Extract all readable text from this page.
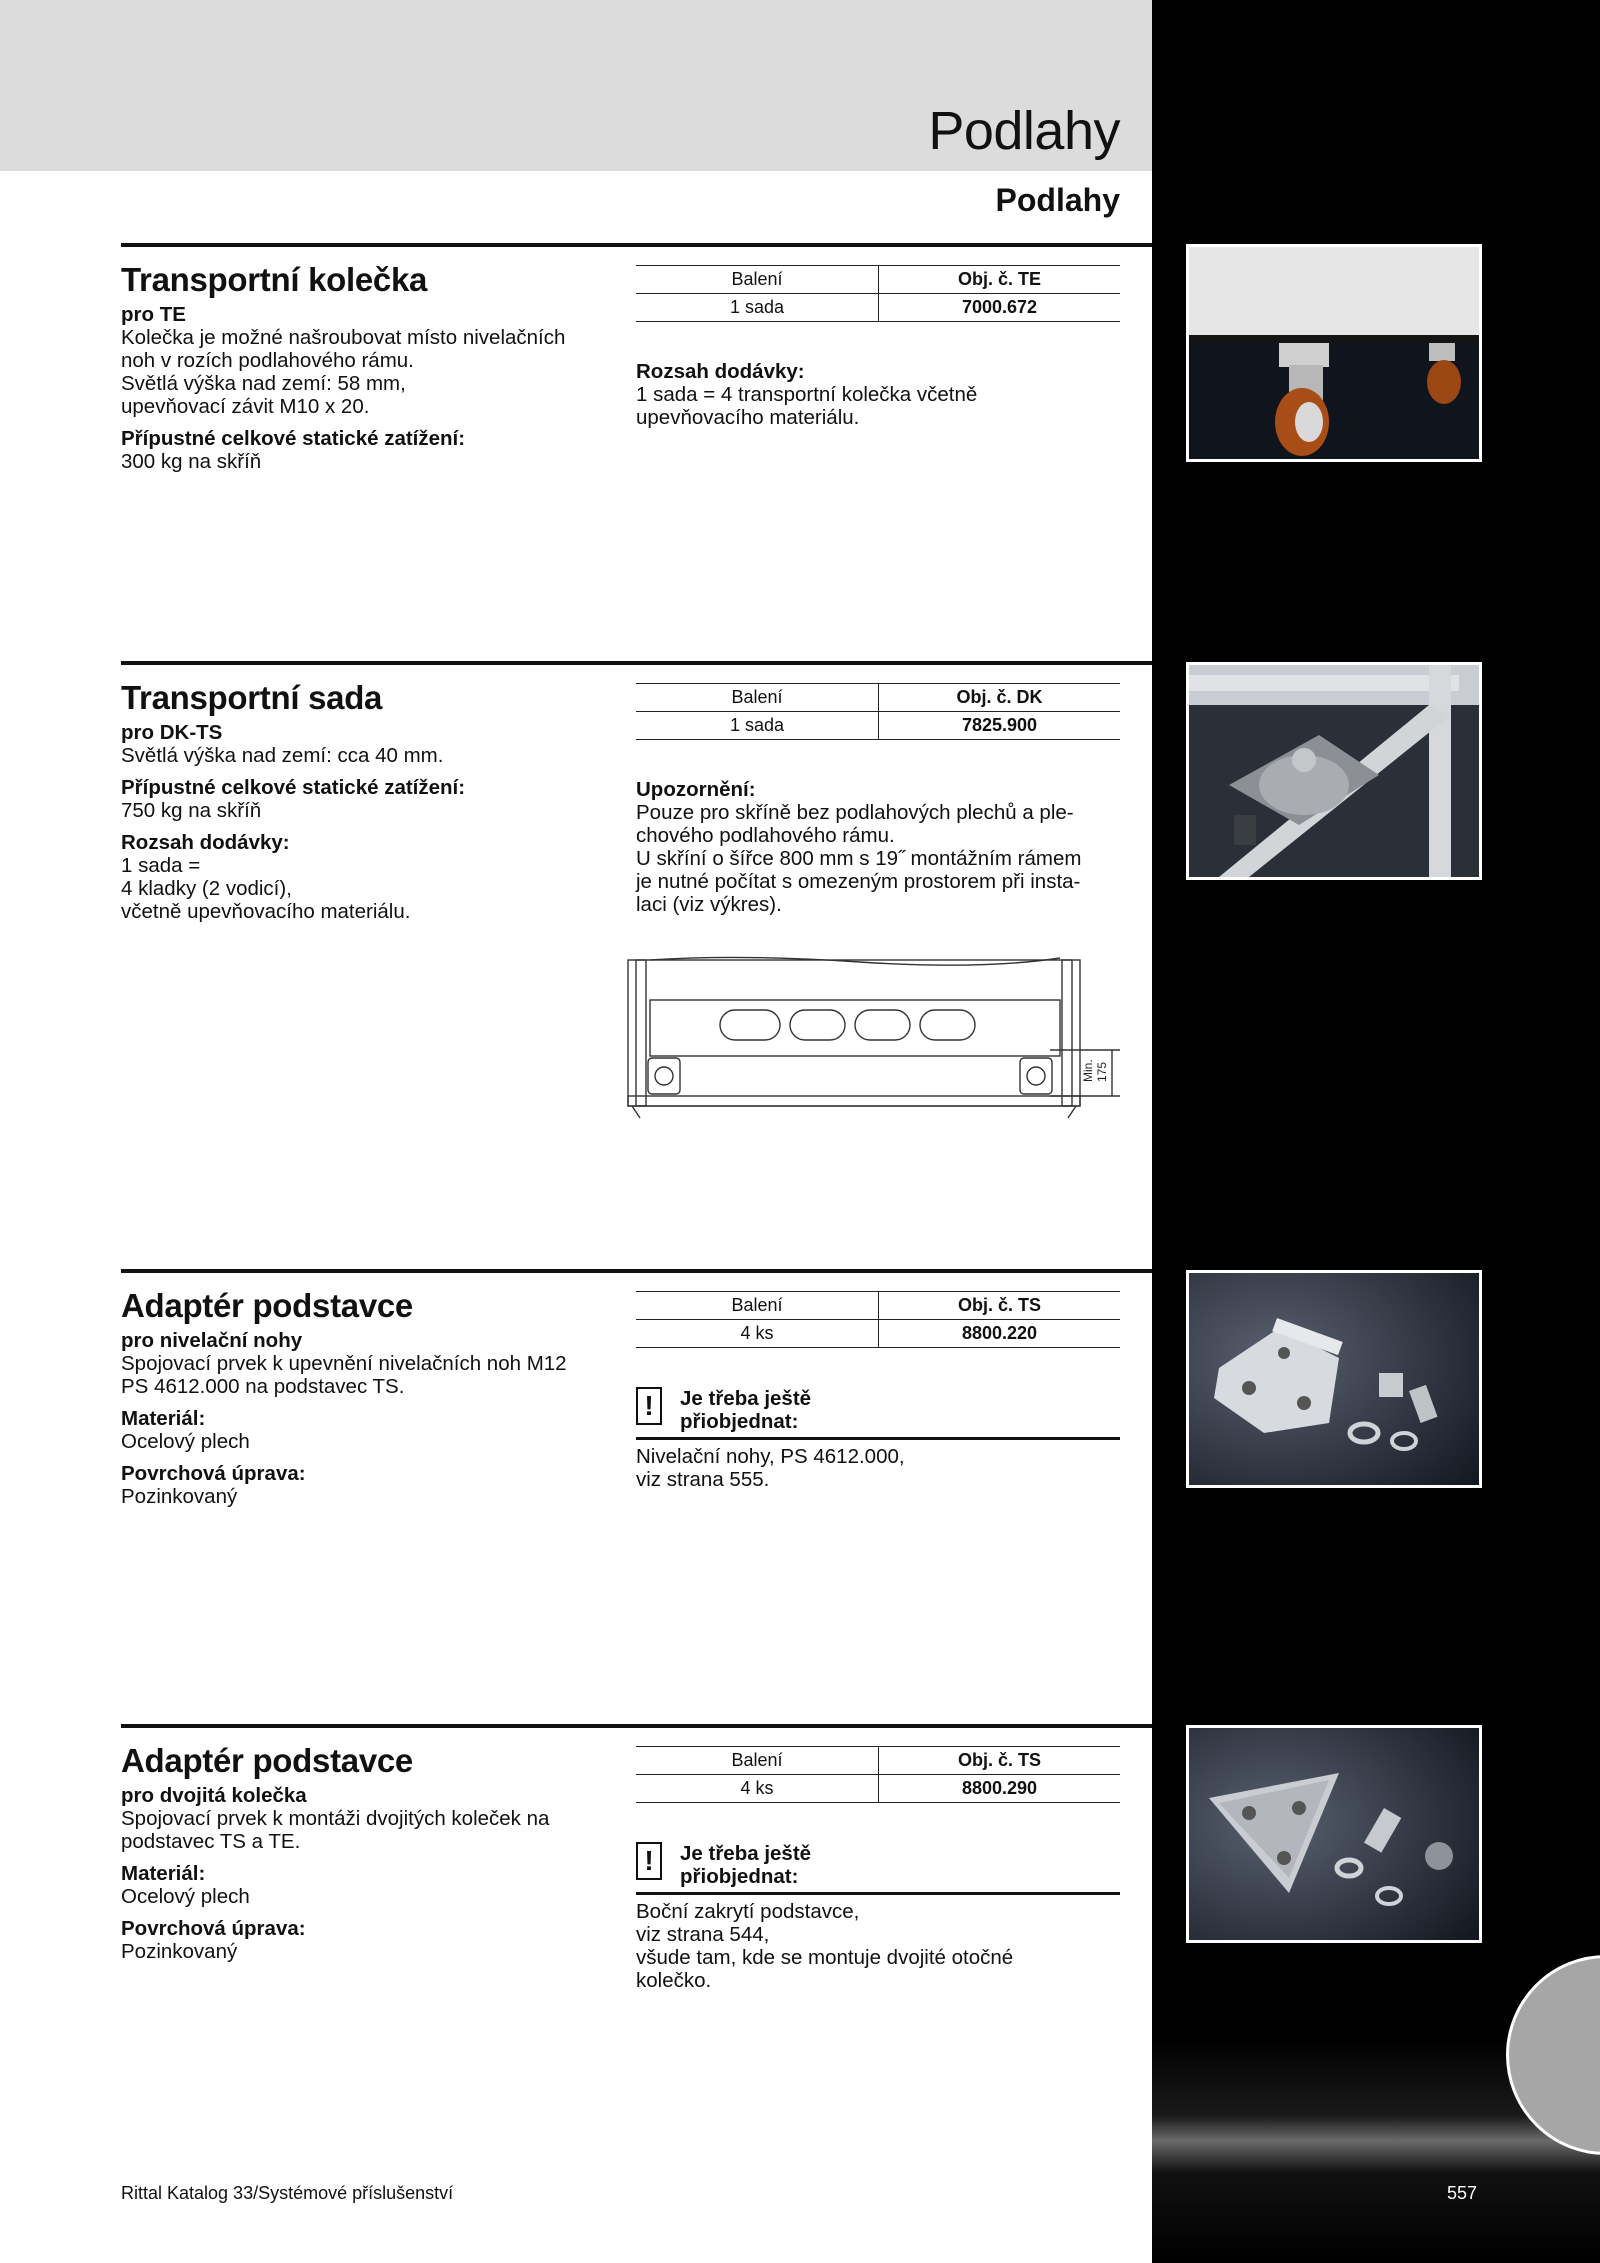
Podlahy
Podlahy
Transportní kolečka
pro TE

Kolečka je možné našroubovat místo nivelačních
noh v rozích podlahového rámu.
Světlá výška nad zemí: 58 mm,
upevňovací závit M10 x 20.

Přípustné celkové statické zatížení:
300 kg na skříň

Balení	Obj. č. TE
1 sada	7000.672
Rozsah dodávky:
1 sada = 4 transportní kolečka včetně
upevňovacího materiálu.
Transportní sada
pro DK-TS

Světlá výška nad zemí: cca 40 mm.

Přípustné celkové statické zatížení:
750 kg na skříň

Rozsah dodávky:
1 sada =
4 kladky (2 vodicí),
včetně upevňovacího materiálu.

Balení	Obj. č. DK
1 sada	7825.900
Upozornění:
Pouze pro skříně bez podlahových plechů a ple-
chového podlahového rámu.
U skříní o šířce 800 mm s 19˝ montážním rámem
je nutné počítat s omezeným prostorem při insta-
laci (viz výkres).
Min. 175
Adaptér podstavce
pro nivelační nohy

Spojovací prvek k upevnění nivelačních noh M12
PS 4612.000 na podstavec TS.

Materiál:
Ocelový plech

Povrchová úprava:
Pozinkovaný

Balení	Obj. č. TS
4 ks	8800.220
!	Je třeba ještě
přiobjednat:
Nivelační nohy, PS 4612.000,
viz strana 555.
Adaptér podstavce
pro dvojitá kolečka

Spojovací prvek k montáži dvojitých koleček na
podstavec TS a TE.

Materiál:
Ocelový plech

Povrchová úprava:
Pozinkovaný

Balení	Obj. č. TS
4 ks	8800.290
!	Je třeba ještě
přiobjednat:
Boční zakrytí podstavce,
viz strana 544,
všude tam, kde se montuje dvojité otočné
kolečko.
Rittal Katalog 33/Systémové příslušenství	557
